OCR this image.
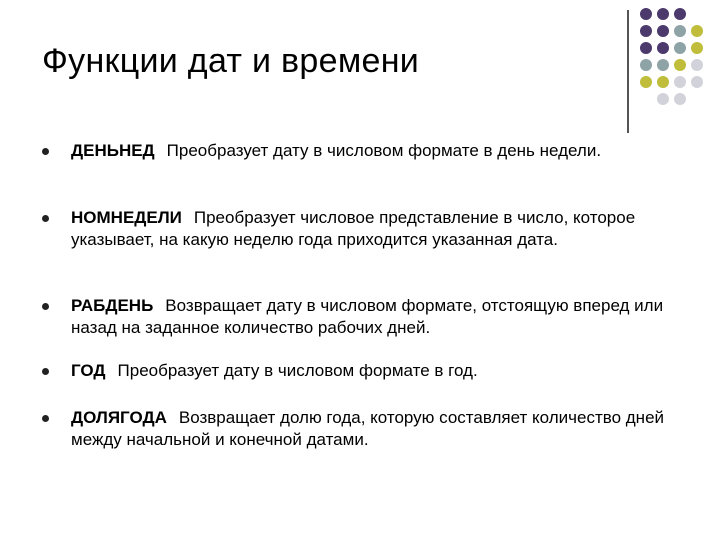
Функции дат и времени
ДЕНЬНЕД Преобразует дату в числовом формате в день недели.
НОМНЕДЕЛИ Преобразует числовое представление в число, которое указывает, на какую неделю года приходится указанная дата.
РАБДЕНЬ Возвращает дату в числовом формате, отстоящую вперед или назад на заданное количество рабочих дней.
ГОД Преобразует дату в числовом формате в год.
ДОЛЯГОДА Возвращает долю года, которую составляет количество дней между начальной и конечной датами.
